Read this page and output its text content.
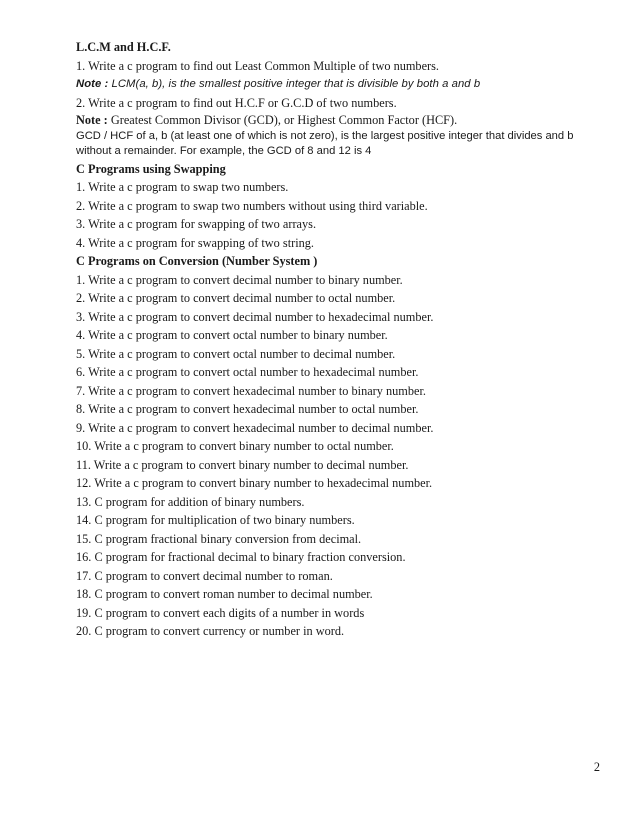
L.C.M and H.C.F.
1. Write a c program to find out Least Common Multiple of two numbers.
Note : LCM(a, b), is the smallest positive integer that is divisible by both a and b
2. Write a c program to find out H.C.F or G.C.D of two numbers.
Note : Greatest Common Divisor (GCD), or Highest Common Factor (HCF).
GCD / HCF of a, b (at least one of which is not zero), is the largest positive integer that divides and b
without a remainder. For example, the GCD of 8 and 12 is 4
C Programs using Swapping
1. Write a c program to swap two numbers.
2. Write a c program to swap two numbers without using third variable.
3. Write a c program for swapping of two arrays.
4. Write a c program for swapping of two string.
C Programs on Conversion (Number System )
1. Write a c program to convert decimal number to binary number.
2. Write a c program to convert decimal number to octal number.
3. Write a c program to convert decimal number to hexadecimal number.
4. Write a c program to convert octal number to binary number.
5. Write a c program to convert octal number to decimal number.
6. Write a c program to convert octal number to hexadecimal number.
7. Write a c program to convert hexadecimal number to binary number.
8. Write a c program to convert hexadecimal number to octal number.
9. Write a c program to convert hexadecimal number to decimal number.
10. Write a c program to convert binary number to octal number.
11. Write a c program to convert binary number to decimal number.
12. Write a c program to convert binary number to hexadecimal number.
13. C program for addition of binary numbers.
14. C program for multiplication of two binary numbers.
15. C program fractional binary conversion from decimal.
16. C program for fractional decimal to binary fraction conversion.
17. C program to convert decimal number to roman.
18. C program to convert roman number to decimal number.
19. C program to convert each digits of a number in words
20. C program to convert currency or number in word.
2
